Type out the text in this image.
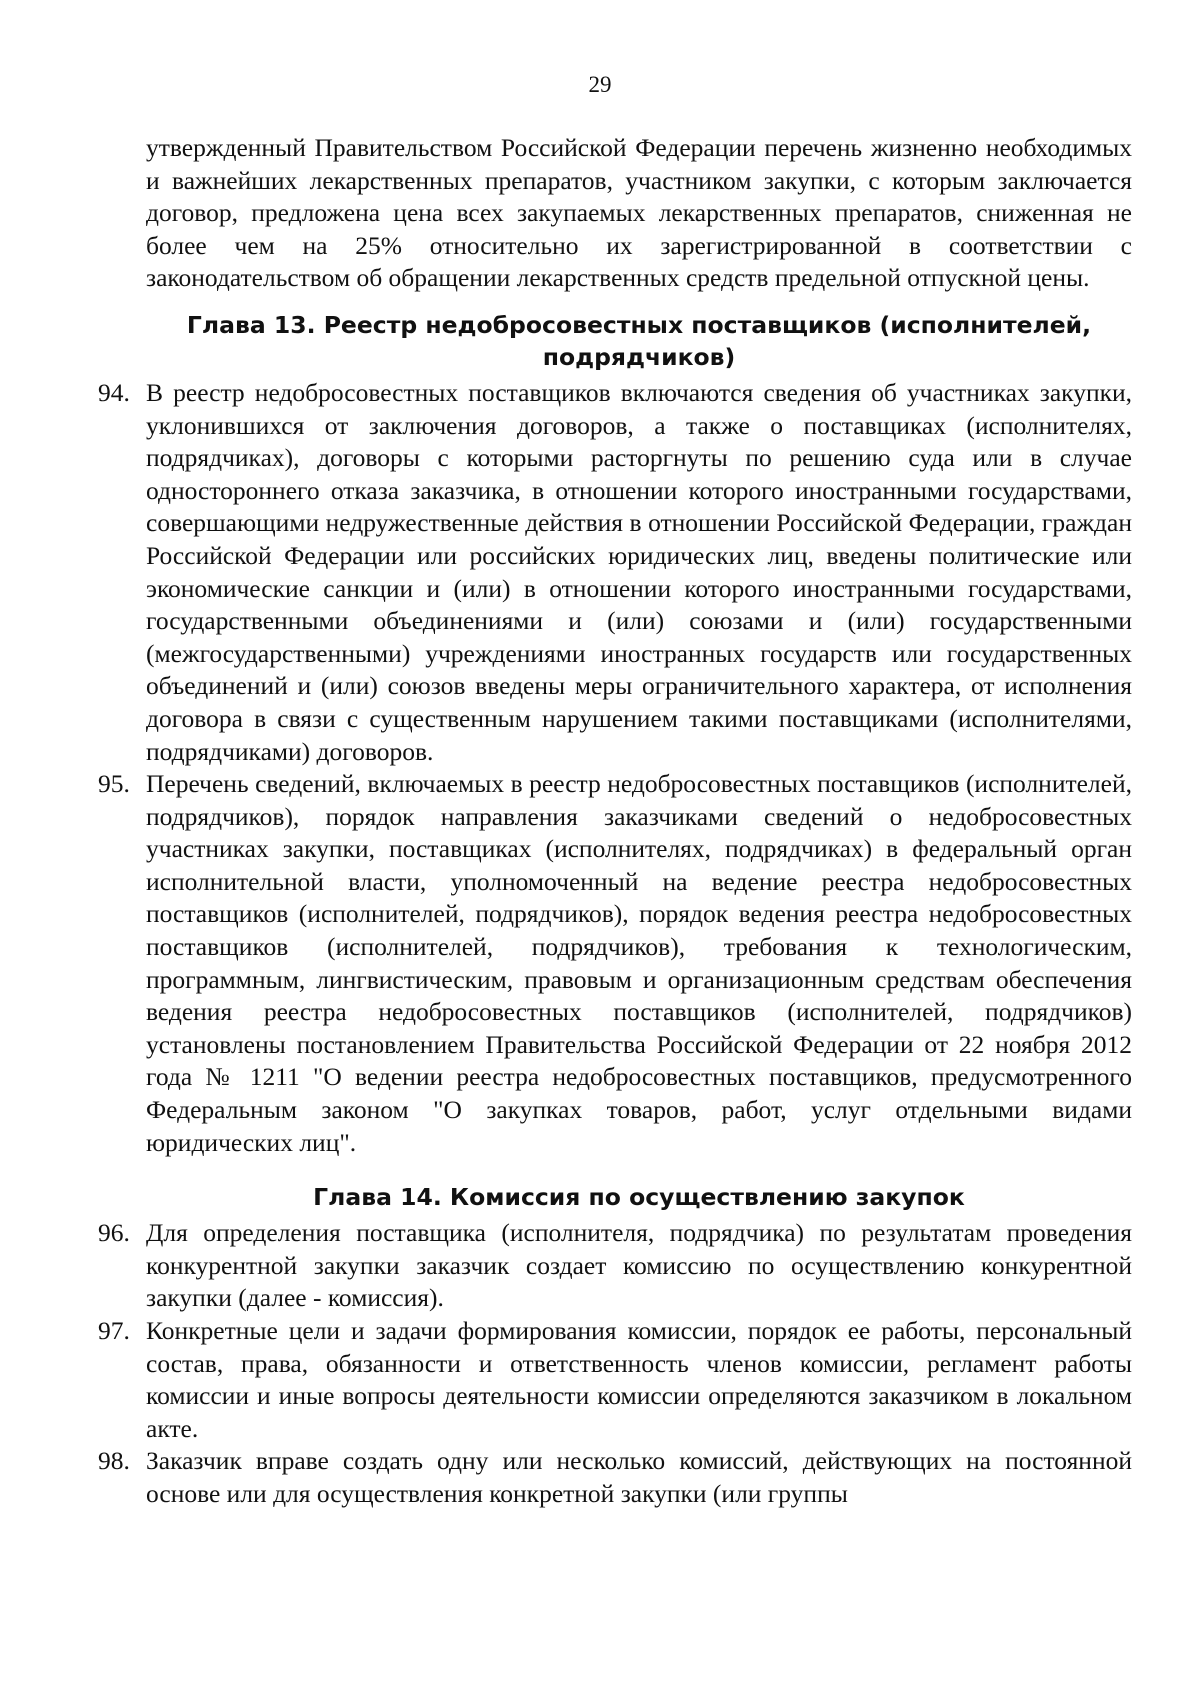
29

утвержденный Правительством Российской Федерации перечень жизненно необходимых и важнейших лекарственных препаратов, участником закупки, с которым заключается договор, предложена цена всех закупаемых лекарственных препаратов, сниженная не более чем на 25% относительно их зарегистрированной в соответствии с законодательством об обращении лекарственных средств предельной отпускной цены.

Глава 13. Реестр недобросовестных поставщиков (исполнителей, подрядчиков)
94. В реестр недобросовестных поставщиков включаются сведения об участниках закупки, уклонившихся от заключения договоров, а также о поставщиках (исполнителях, подрядчиках), договоры с которыми расторгнуты по решению суда или в случае одностороннего отказа заказчика, в отношении которого иностранными государствами, совершающими недружественные действия в отношении Российской Федерации, граждан Российской Федерации или российских юридических лиц, введены политические или экономические санкции и (или) в отношении которого иностранными государствами, государственными объединениями и (или) союзами и (или) государственными (межгосударственными) учреждениями иностранных государств или государственных объединений и (или) союзов введены меры ограничительного характера, от исполнения договора в связи с существенным нарушением такими поставщиками (исполнителями, подрядчиками) договоров.
95. Перечень сведений, включаемых в реестр недобросовестных поставщиков (исполнителей, подрядчиков), порядок направления заказчиками сведений о недобросовестных участниках закупки, поставщиках (исполнителях, подрядчиках) в федеральный орган исполнительной власти, уполномоченный на ведение реестра недобросовестных поставщиков (исполнителей, подрядчиков), порядок ведения реестра недобросовестных поставщиков (исполнителей, подрядчиков), требования к технологическим, программным, лингвистическим, правовым и организационным средствам обеспечения ведения реестра недобросовестных поставщиков (исполнителей, подрядчиков) установлены постановлением Правительства Российской Федерации от 22 ноября 2012 года № 1211 "О ведении реестра недобросовестных поставщиков, предусмотренного Федеральным законом "О закупках товаров, работ, услуг отдельными видами юридических лиц".
Глава 14. Комиссия по осуществлению закупок
96. Для определения поставщика (исполнителя, подрядчика) по результатам проведения конкурентной закупки заказчик создает комиссию по осуществлению конкурентной закупки (далее - комиссия).
97. Конкретные цели и задачи формирования комиссии, порядок ее работы, персональный состав, права, обязанности и ответственность членов комиссии, регламент работы комиссии и иные вопросы деятельности комиссии определяются заказчиком в локальном акте.
98. Заказчик вправе создать одну или несколько комиссий, действующих на постоянной основе или для осуществления конкретной закупки (или группы
